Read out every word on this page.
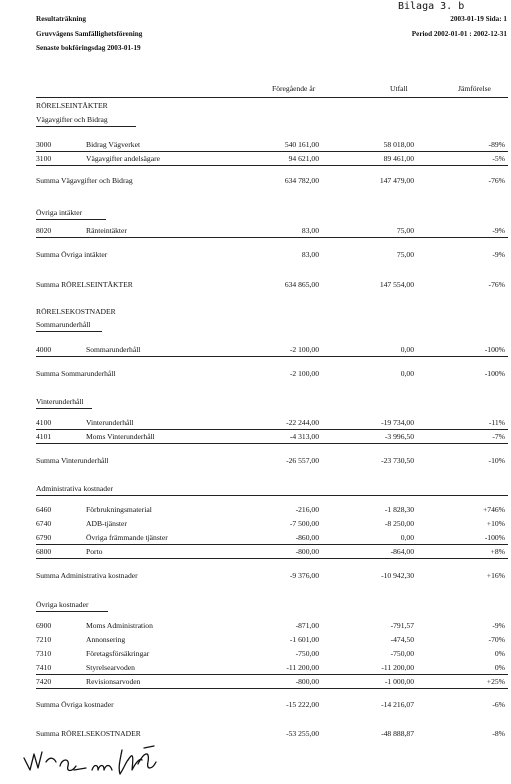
Bilaga 3. b
Resultaträkning
Gruvvägens Samfällighetsförening
Senaste bokföringsdag 2003-01-19
2003-01-19 Sida: 1
Period 2002-01-01 : 2002-12-31
Föregående år	Utfall	Jämförelse
RÖRELSEINTÄKTER
Vägavgifter och Bidrag
3000	Bidrag Vägverket	540 161,00	58 018,00	-89%
3100	Vägavgifter andelsägare	94 621,00	89 461,00	-5%
Summa Vägavgifter och Bidrag	634 782,00	147 479,00	-76%
Övriga intäkter
8020	Ränteintäkter	83,00	75,00	-9%
Summa Övriga intäkter	83,00	75,00	-9%
Summa RÖRELSEINTÄKTER	634 865,00	147 554,00	-76%
RÖRELSEKOSTNADER
Sommarunderhåll
4000	Sommarunderhåll	-2 100,00	0,00	-100%
Summa Sommarunderhåll	-2 100,00	0,00	-100%
Vinterunderhåll
4100	Vinterunderhåll	-22 244,00	-19 734,00	-11%
4101	Moms Vinterunderhåll	-4 313,00	-3 996,50	-7%
Summa Vinterunderhåll	-26 557,00	-23 730,50	-10%
Administrativa kostnader
6460	Förbrukningsmaterial	-216,00	-1 828,30	+746%
6740	ADB-tjänster	-7 500,00	-8 250,00	+10%
6790	Övriga främmande tjänster	-860,00	0,00	-100%
6800	Porto	-800,00	-864,00	+8%
Summa Administrativa kostnader	-9 376,00	-10 942,30	+16%
Övriga kostnader
6900	Moms Administration	-871,00	-791,57	-9%
7210	Annonsering	-1 601,00	-474,50	-70%
7310	Företagsförsäkringar	-750,00	-750,00	0%
7410	Styrelsearvoden	-11 200,00	-11 200,00	0%
7420	Revisionsarvoden	-800,00	-1 000,00	+25%
Summa Övriga kostnader	-15 222,00	-14 216,07	-6%
Summa RÖRELSEKOSTNADER	-53 255,00	-48 888,87	-8%
